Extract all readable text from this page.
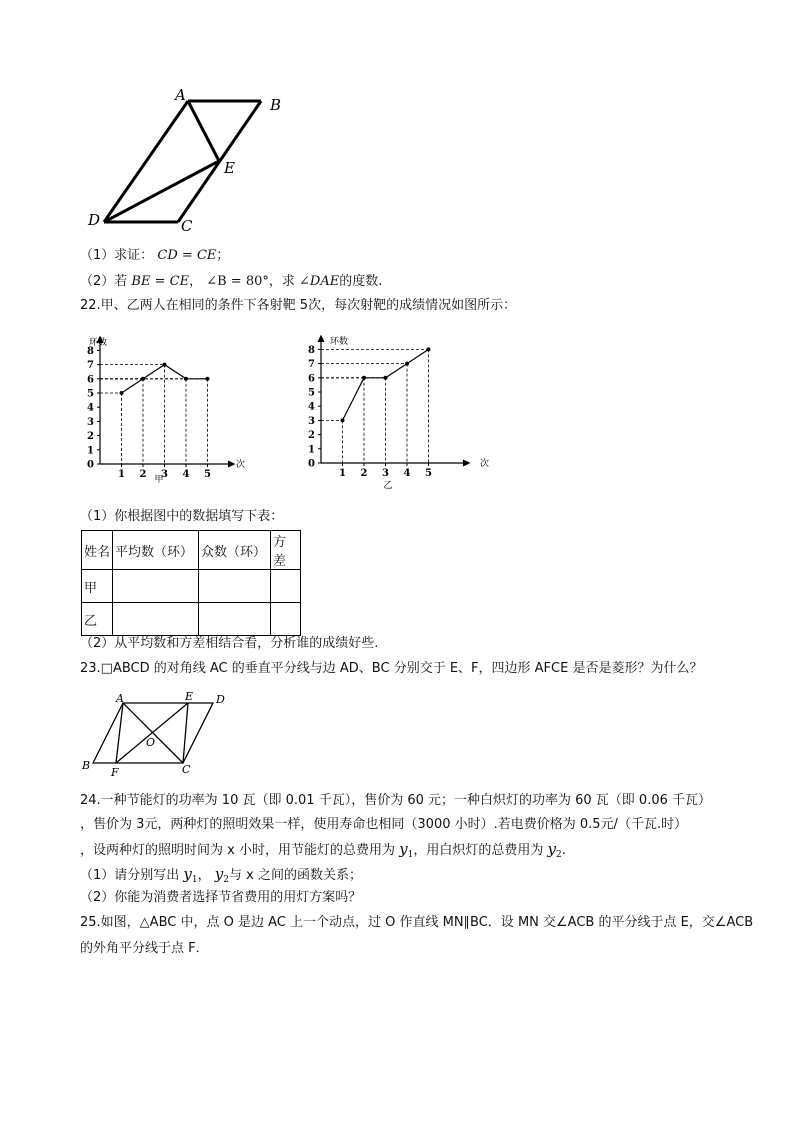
A
B
E
D	C
（1）求证： CD = CE；
（2）若 BE = CE， ∠B = 80°，求 ∠DAE的度数.
22.甲、乙两人在相同的条件下各射靶 5次，每次射靶的成绩情况如图所示：
环数
次
甲
0
1
2
3
4
5
6
7
8
1 2 3 4 5
环数
次
乙
0
1
2
3
4
5
6
7
8
1 2 3 4 5
（1）你根据图中的数据填写下表：
姓名	平均数（环）	众数（环）	方差
甲			
乙			
（2）从平均数和方差相结合看，分析谁的成绩好些.
23.□ABCD 的对角线 AC 的垂直平分线与边 AD、BC 分别交于 E、F，四边形 AFCE 是否是菱形？为什么？
A	E D
O
B
F	C
24.一种节能灯的功率为 10 瓦（即 0.01 千瓦），售价为 60 元；一种白炽灯的功率为 60 瓦（即 0.06 千瓦）
，售价为 3元，两种灯的照明效果一样，使用寿命也相同（3000 小时）.若电费价格为 0.5元/（千瓦.时）
，设两种灯的照明时间为 x 小时，用节能灯的总费用为 $y_1$，用白炽灯的总费用为 $y_2$.
（1）请分别写出 $y_1$， $y_2$与 x 之间的函数关系；
（2）你能为消费者选择节省费用的用灯方案吗？
25.如图，△ABC 中，点 O 是边 AC 上一个动点，过 O 作直线 MN∥BC．设 MN 交∠ACB 的平分线于点 E，交∠ACB
的外角平分线于点 F．
